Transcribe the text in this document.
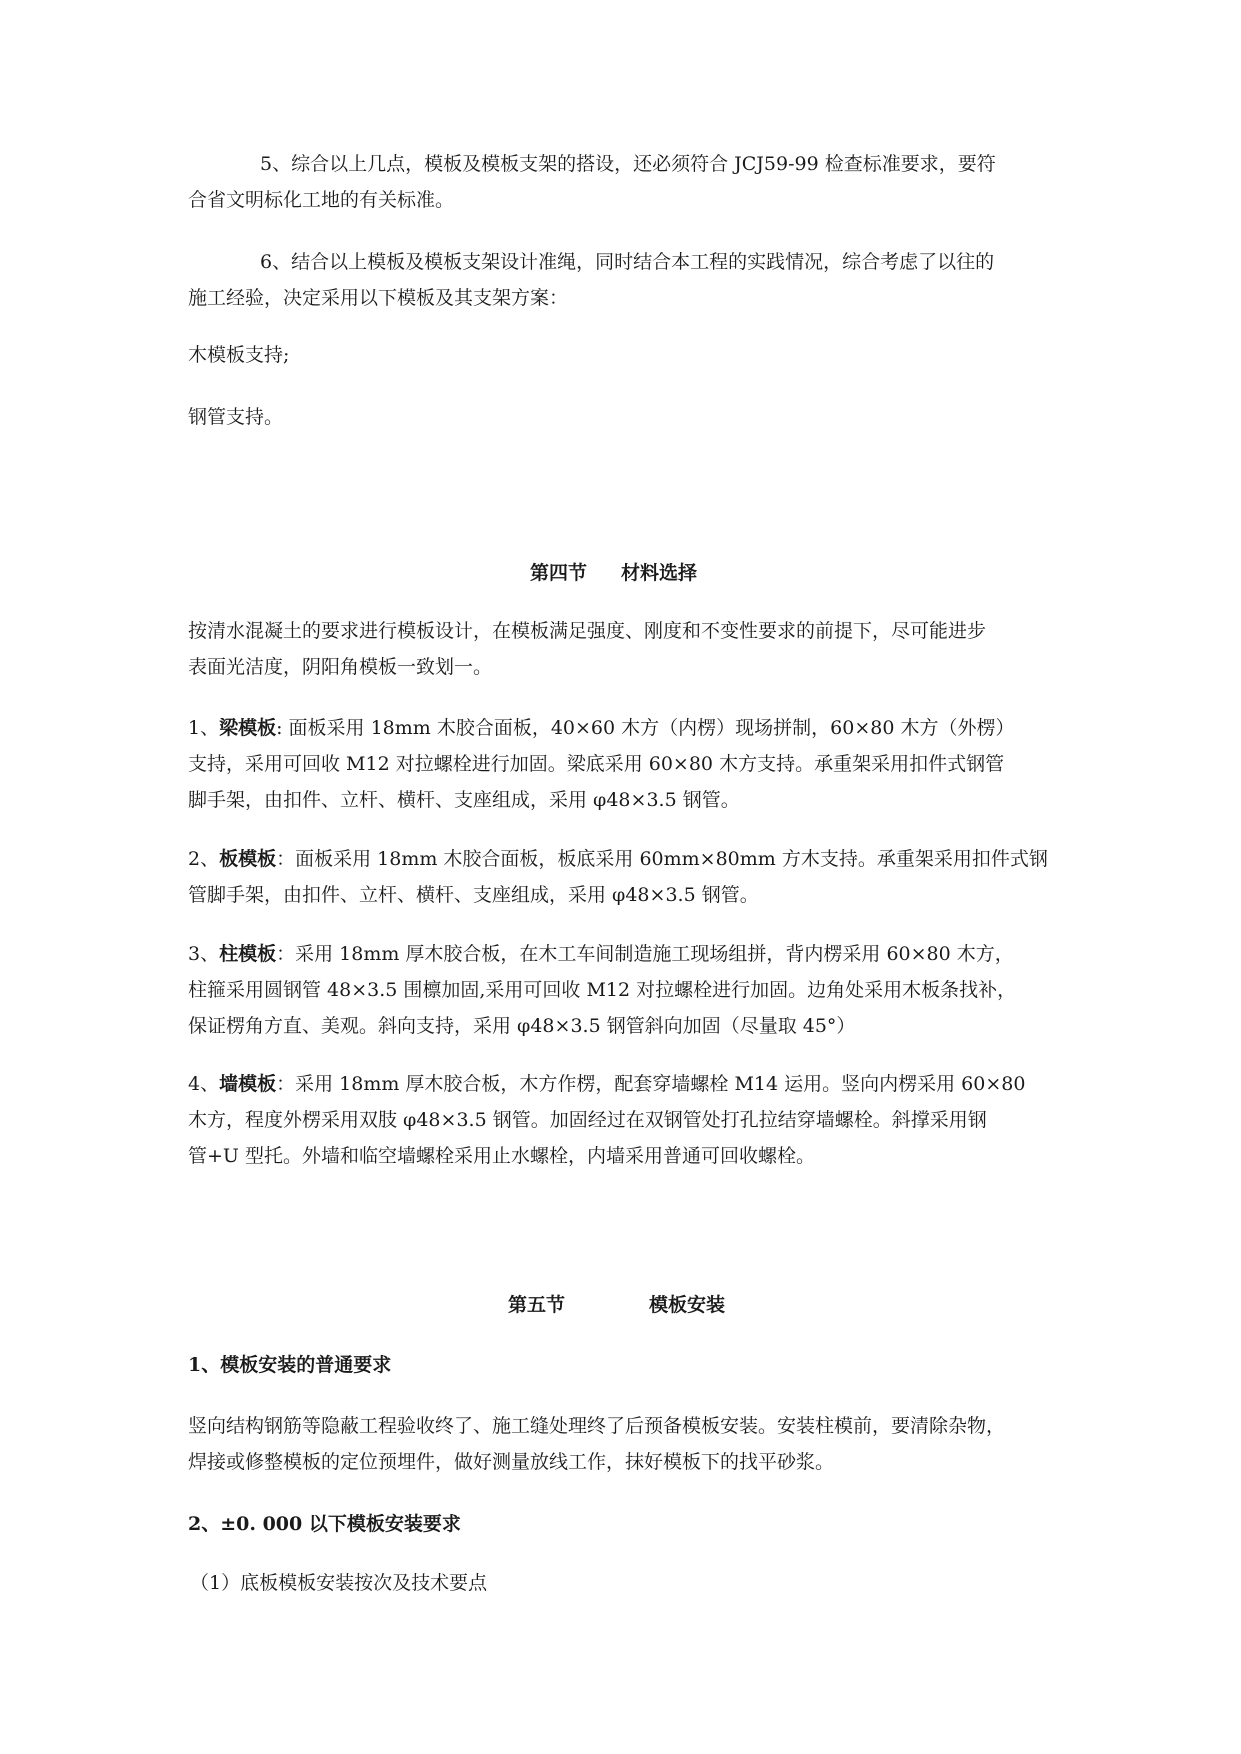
5、综合以上几点，模板及模板支架的搭设，还必须符合 JCJ59-99 检查标准要求，要符
合省文明标化工地的有关标准。
6、结合以上模板及模板支架设计准绳，同时结合本工程的实践情况，综合考虑了以往的
施工经验，决定采用以下模板及其支架方案：
木模板支持;
钢管支持。
第四节 材料选择
按清水混凝土的要求进行模板设计，在模板满足强度、刚度和不变性要求的前提下，尽可能进步
表面光洁度，阴阳角模板一致划一。
1、梁模板: 面板采用 18mm 木胶合面板，40×60 木方（内楞）现场拼制，60×80 木方（外楞）
支持，采用可回收 M12 对拉螺栓进行加固。梁底采用 60×80 木方支持。承重架采用扣件式钢管
脚手架，由扣件、立杆、横杆、支座组成，采用 φ48×3.5 钢管。
2、板模板：面板采用 18mm 木胶合面板，板底采用 60mm×80mm 方木支持。承重架采用扣件式钢
管脚手架，由扣件、立杆、横杆、支座组成，采用 φ48×3.5 钢管。
3、柱模板：采用 18mm 厚木胶合板，在木工车间制造施工现场组拼，背内楞采用 60×80 木方，
柱箍采用圆钢管 48×3.5 围檩加固,采用可回收 M12 对拉螺栓进行加固。边角处采用木板条找补，
保证楞角方直、美观。斜向支持，采用 φ48×3.5 钢管斜向加固（尽量取 45°）
4、墙模板：采用 18mm 厚木胶合板，木方作楞，配套穿墙螺栓 M14 运用。竖向内楞采用 60×80
木方，程度外楞采用双肢 φ48×3.5 钢管。加固经过在双钢管处打孔拉结穿墙螺栓。斜撑采用钢
管+U 型托。外墙和临空墙螺栓采用止水螺栓，内墙采用普通可回收螺栓。
第五节	模板安装
1、模板安装的普通要求
竖向结构钢筋等隐蔽工程验收终了、施工缝处理终了后预备模板安装。安装柱模前，要清除杂物，
焊接或修整模板的定位预埋件，做好测量放线工作，抹好模板下的找平砂浆。
2、±0. 000 以下模板安装要求
（1）底板模板安装按次及技术要点
